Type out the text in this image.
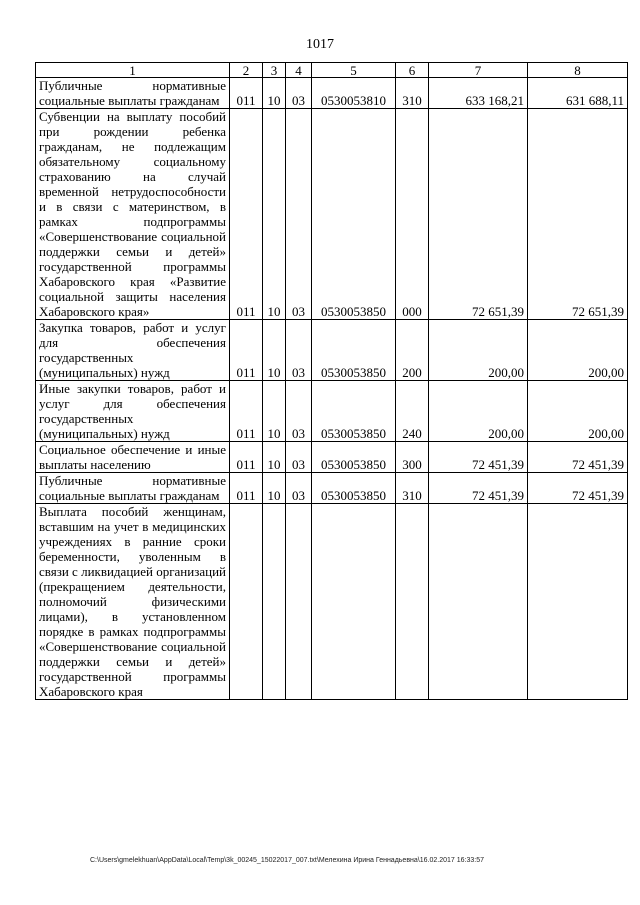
1017
1	2	3	4	5	6	7	8
Публичные нормативные социальные выплаты гражданам	011	10	03	0530053810	310	633 168,21	631 688,11
Субвенции на выплату пособий при рождении ребенка гражданам, не подлежащим обязательному социальному страхованию на случай временной нетрудоспособности и в связи с материнством, в рамках подпрограммы «Совершенствование социальной поддержки семьи и детей» государственной программы Хабаровского края «Развитие социальной защиты населения Хабаровского края»	011	10	03	0530053850	000	72 651,39	72 651,39
Закупка товаров, работ и услуг для обеспечения государственных (муниципальных) нужд	011	10	03	0530053850	200	200,00	200,00
Иные закупки товаров, работ и услуг для обеспечения государственных (муниципальных) нужд	011	10	03	0530053850	240	200,00	200,00
Социальное обеспечение и иные выплаты населению	011	10	03	0530053850	300	72 451,39	72 451,39
Публичные нормативные социальные выплаты гражданам	011	10	03	0530053850	310	72 451,39	72 451,39
Выплата пособий женщинам, вставшим на учет в медицинских учреждениях в ранние сроки беременности, уволенным в связи с ликвидацией организаций (прекращением деятельности, полномочий физическими лицами), в установленном порядке в рамках подпрограммы «Совершенствование социальной поддержки семьи и детей» государственной программы Хабаровского края							
C:\Users\gmelekhuan\AppData\Local\Temp\3k_00245_15022017_007.txt\Мелехина Ирина Геннадьевна\16.02.2017 16:33:57
